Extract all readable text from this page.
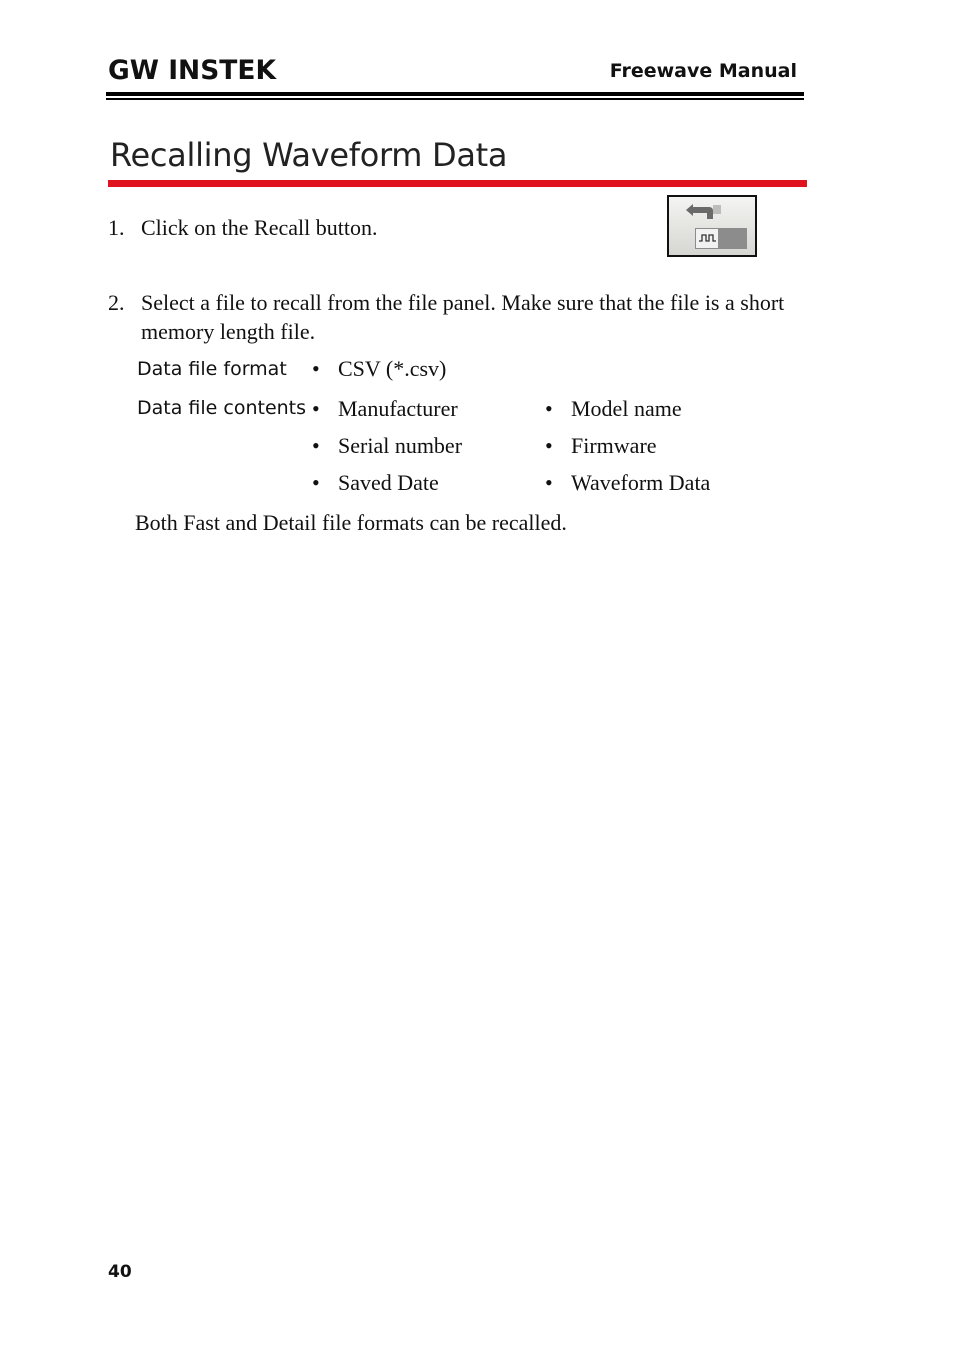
GW INSTEK	Freewave Manual
Recalling Waveform Data
1. Click on the Recall button.
2. Select a file to recall from the file panel. Make sure that the file is a short memory length file.
Data file format • CSV (*.csv)
Data file contents • Manufacturer	• Model name
• Serial number	• Firmware
• Saved Date	• Waveform Data
Both Fast and Detail file formats can be recalled.
40
